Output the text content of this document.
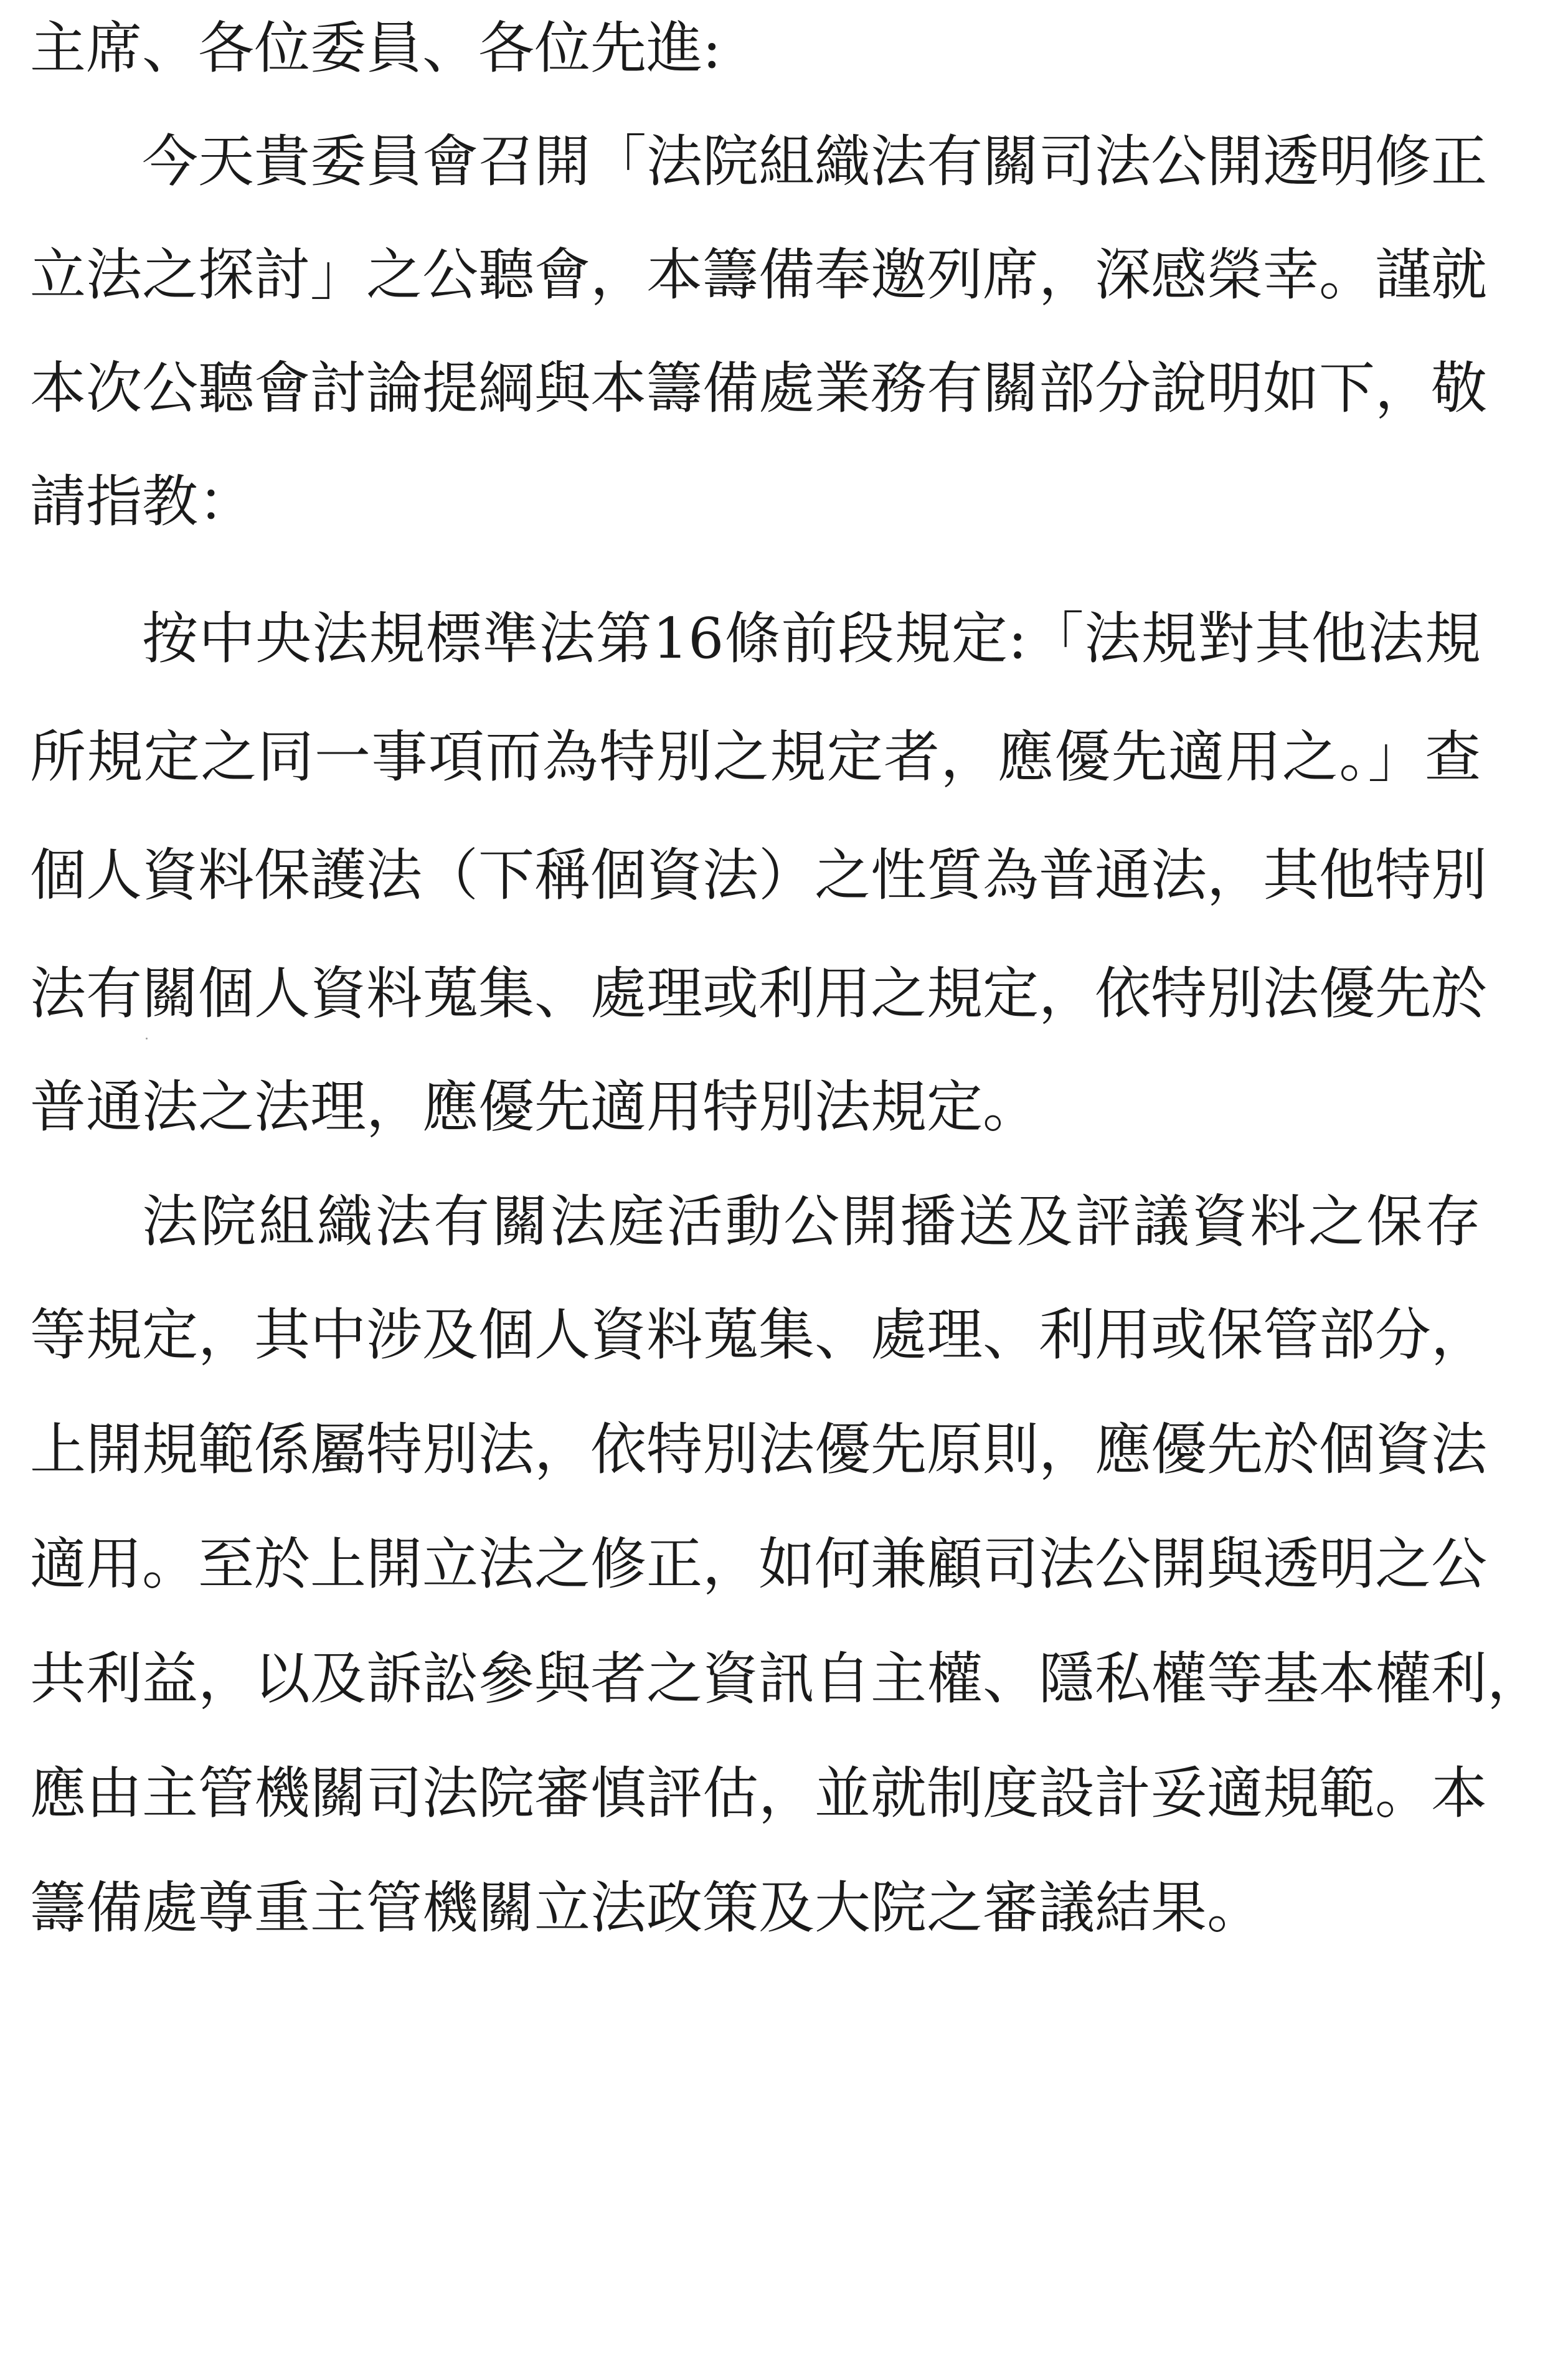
主席、各位委員、各位先進:
今天貴委員會召開「法院組織法有關司法公開透明修正
立法之探討」之公聽會，本籌備奉邀列席，深感榮幸。謹就
本次公聽會討論提綱與本籌備處業務有關部分說明如下，敬
請指教：
按中央法規標準法第16條前段規定:「法規對其他法規
所規定之同一事項而為特別之規定者，應優先適用之。」查
個人資料保護法（下稱個資法）之性質為普通法，其他特別
法有關個人資料蒐集、處理或利用之規定，依特別法優先於
普通法之法理，應優先適用特別法規定。
法院組織法有關法庭活動公開播送及評議資料之保存
等規定，其中涉及個人資料蒐集、處理、利用或保管部分，
上開規範係屬特別法，依特別法優先原則，應優先於個資法
適用。至於上開立法之修正，如何兼顧司法公開與透明之公
共利益，以及訴訟參與者之資訊自主權、隱私權等基本權利，
應由主管機關司法院審慎評估，並就制度設計妥適規範。本
籌備處尊重主管機關立法政策及大院之審議結果。
